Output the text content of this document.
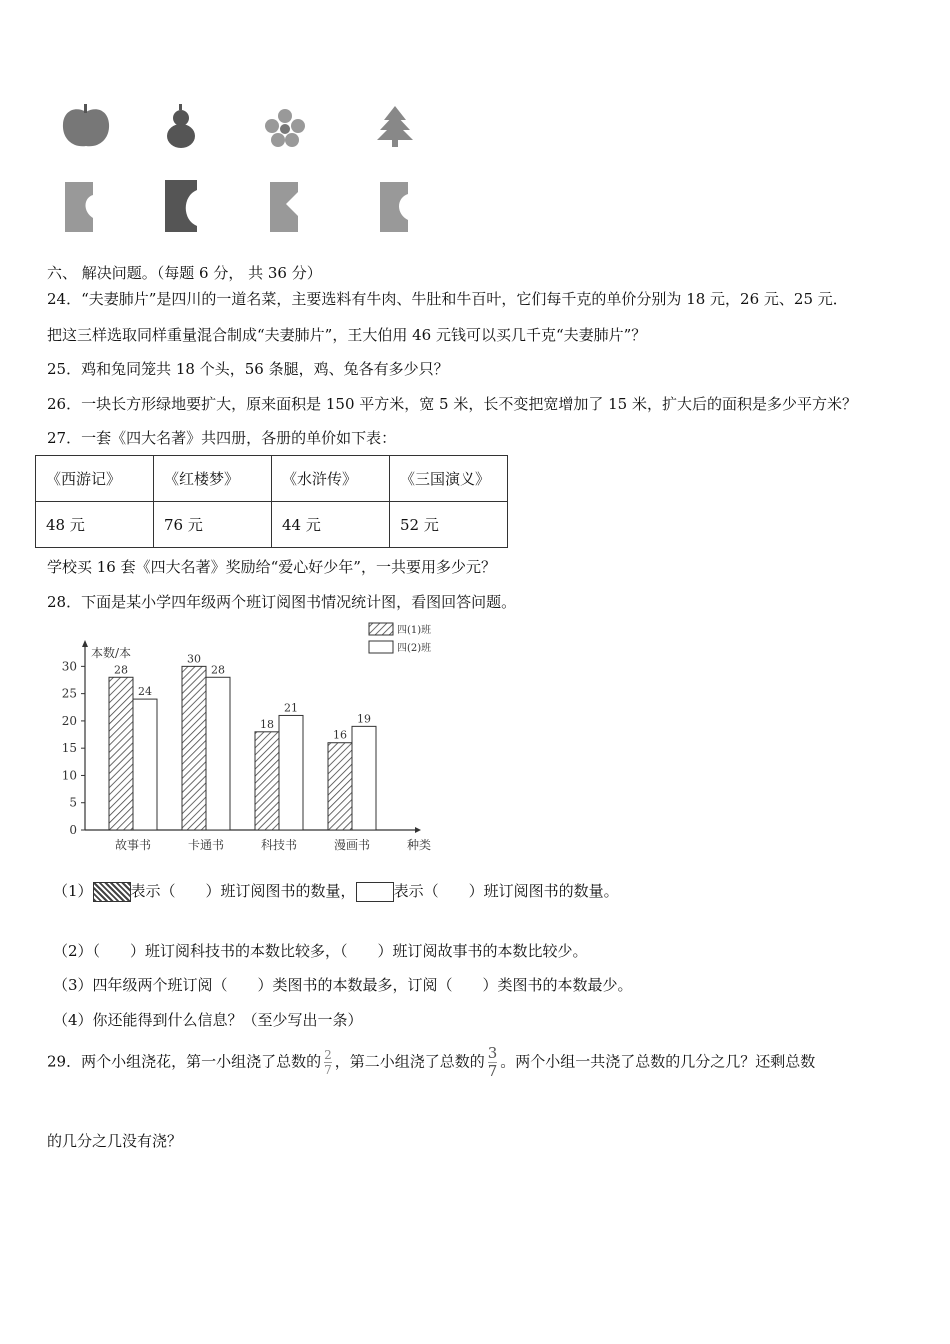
六、 解决问题。（每题 6 分， 共 36 分）
24．“夫妻肺片”是四川的一道名菜，主要选料有牛肉、牛肚和牛百叶，它们每千克的单价分别为 18 元，26 元、25 元．
把这三样选取同样重量混合制成“夫妻肺片”，王大伯用 46 元钱可以买几千克“夫妻肺片”？
25．鸡和兔同笼共 18 个头，56 条腿，鸡、兔各有多少只？
26．一块长方形绿地要扩大，原来面积是 150 平方米，宽 5 米，长不变把宽增加了 15 米，扩大后的面积是多少平方米？
27．一套《四大名著》共四册，各册的单价如下表：
《西游记》	《红楼梦》	《水浒传》	《三国演义》
48 元	76 元	44 元	52 元
学校买 16 套《四大名著》奖励给“爱心好少年”，一共要用多少元？
28．下面是某小学四年级两个班订阅图书情况统计图，看图回答问题。
本数/本
种类
0
5
10
15
20
25
30	28
24
故事书
30
28
卡通书
18
21
科技书
16
19
漫画书
四(1)班
四(2)班
（1）	表示（　　）班订阅图书的数量，	表示（　　）班订阅图书的数量。
（2）（　　）班订阅科技书的本数比较多，（　　）班订阅故事书的本数比较少。
（3）四年级两个班订阅（　　）类图书的本数最多，订阅（　　）类图书的本数最少。
（4）你还能得到什么信息？（至少写出一条）
29．两个小组浇花，第一小组浇了总数的 $\frac{2}{7}$ ，第二小组浇了总数的 $\frac{3}{7}$ 。两个小组一共浇了总数的几分之几？还剩总数
的几分之几没有浇？
